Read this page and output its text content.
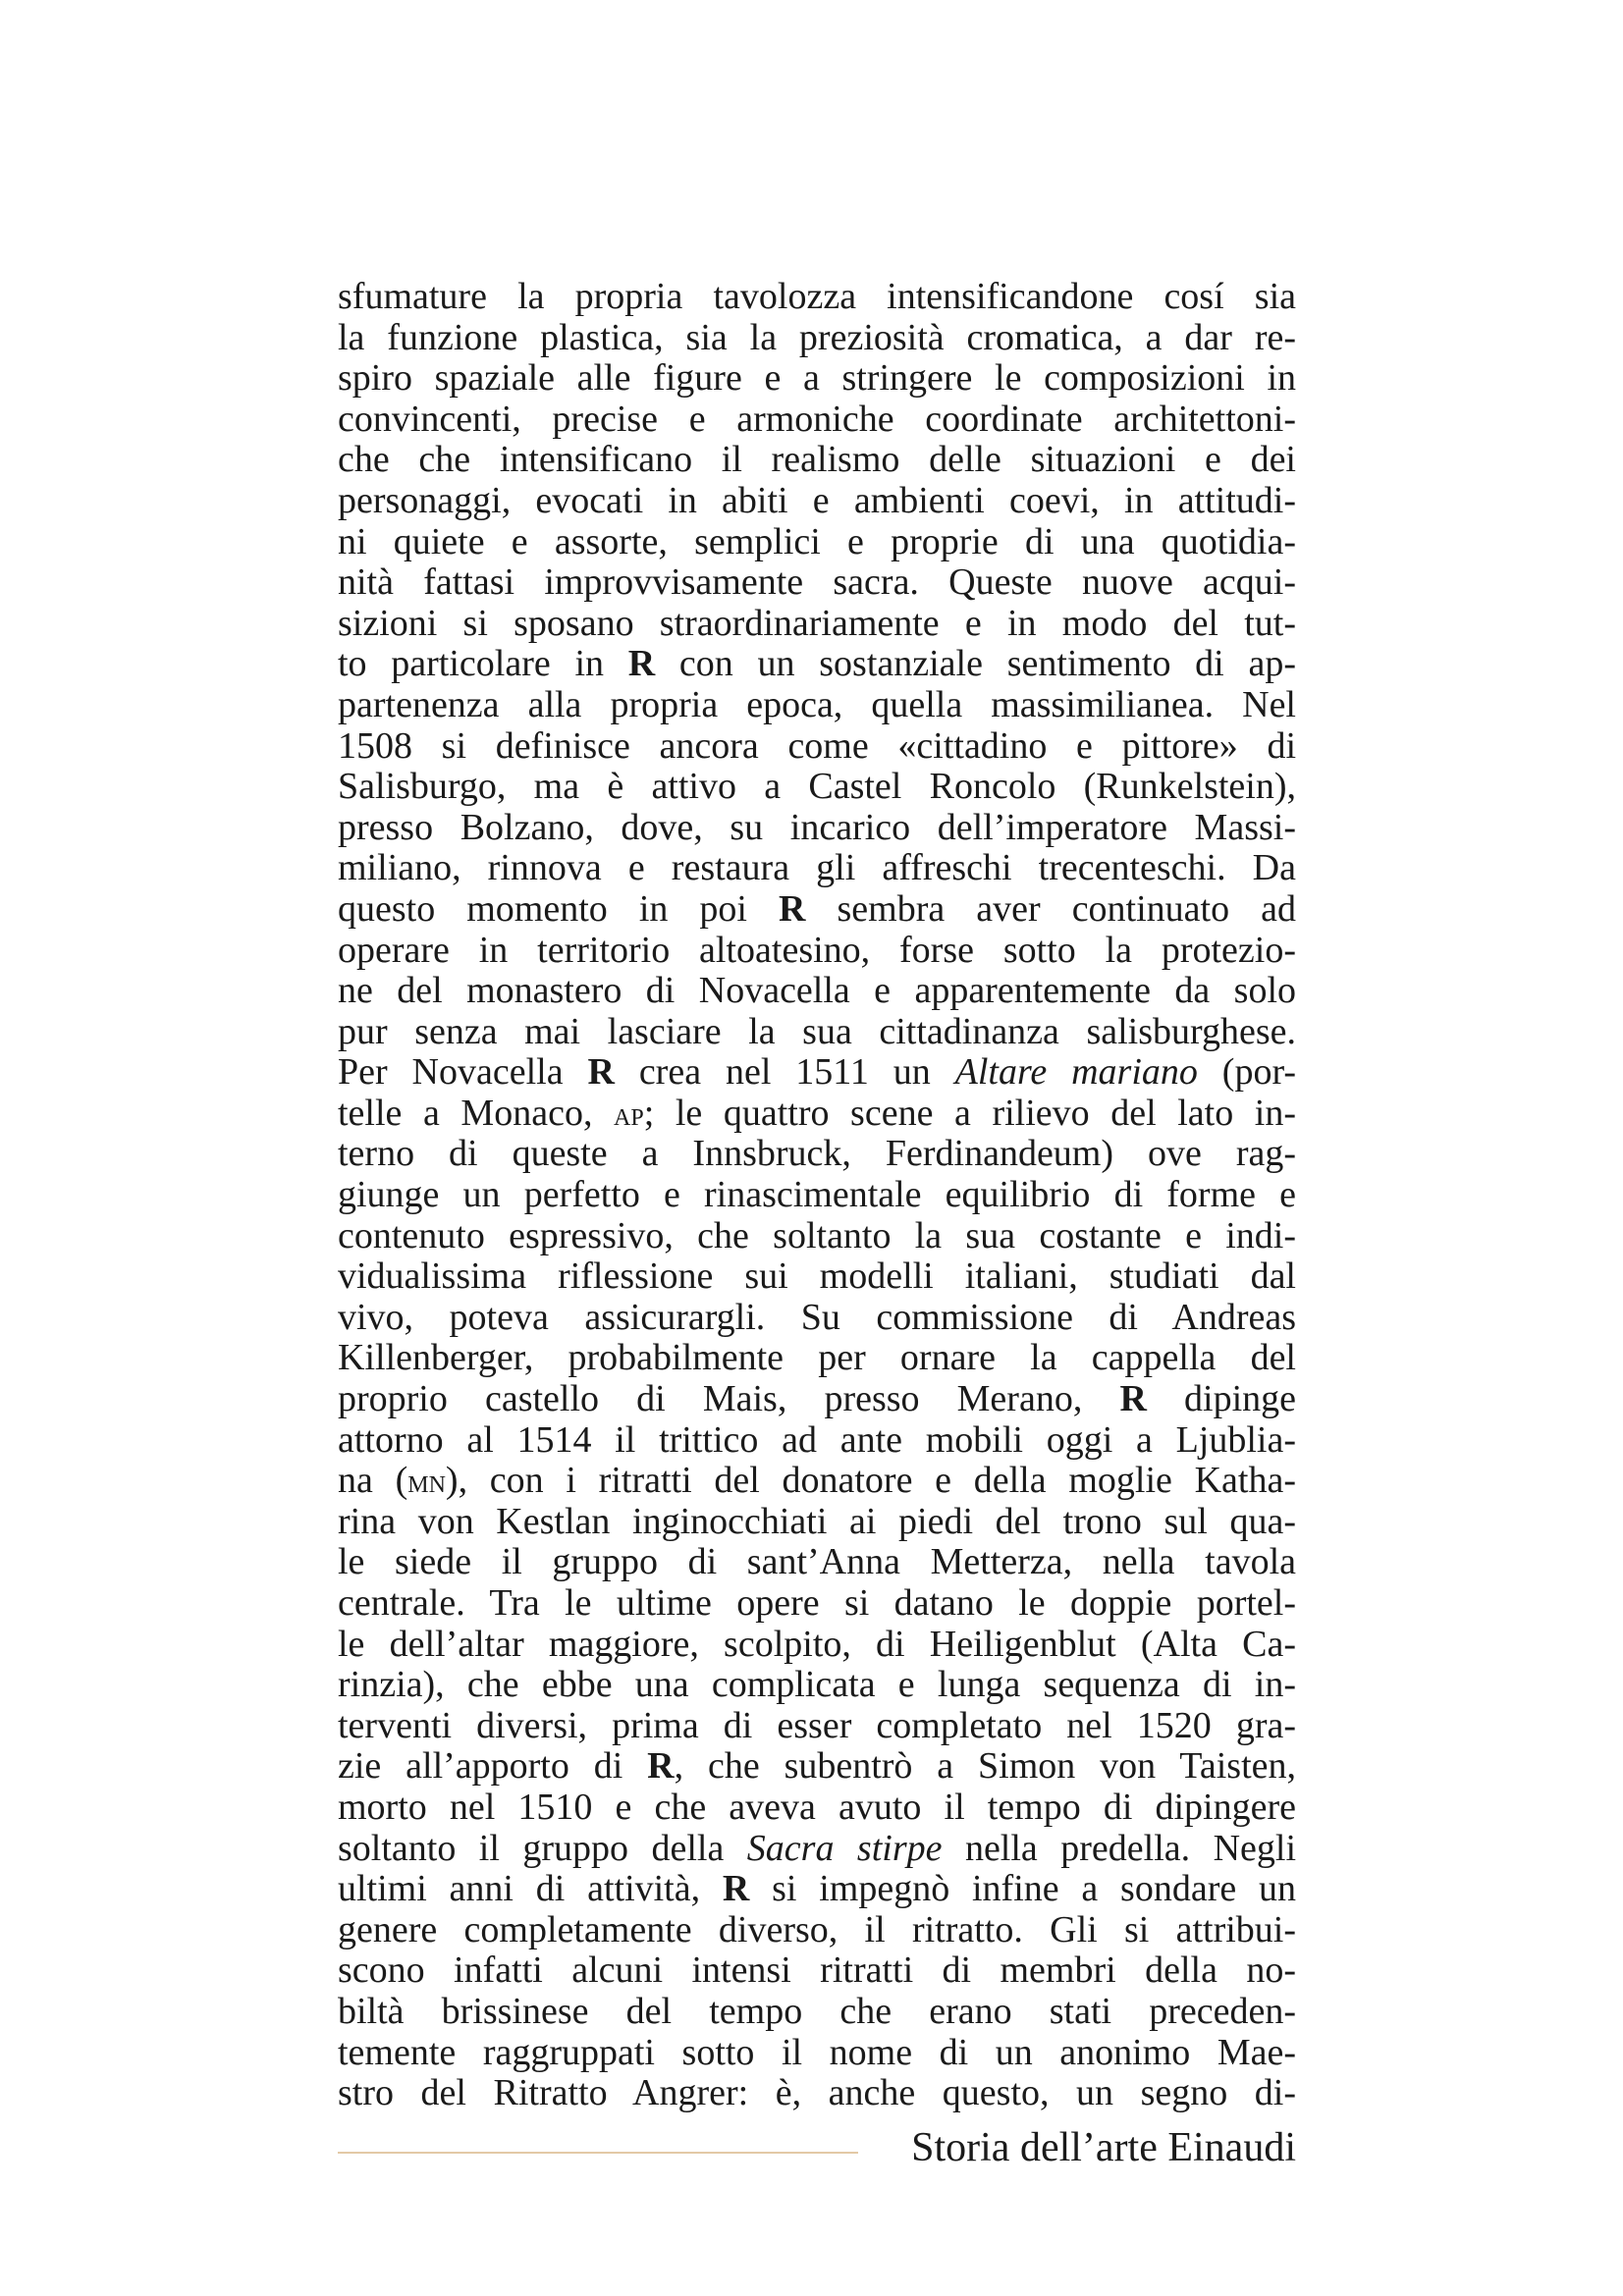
sfumature la propria tavolozza intensificandone cosí sia
la funzione plastica, sia la preziosità cromatica, a dar re-
spiro spaziale alle figure e a stringere le composizioni in
convincenti, precise e armoniche coordinate architettoni-
che che intensificano il realismo delle situazioni e dei
personaggi, evocati in abiti e ambienti coevi, in attitudi-
ni quiete e assorte, semplici e proprie di una quotidia-
nità fattasi improvvisamente sacra. Queste nuove acqui-
sizioni si sposano straordinariamente e in modo del tut-
to particolare in R con un sostanziale sentimento di ap-
partenenza alla propria epoca, quella massimilianea. Nel
1508 si definisce ancora come «cittadino e pittore» di
Salisburgo, ma è attivo a Castel Roncolo (Runkelstein),
presso Bolzano, dove, su incarico dell’imperatore Massi-
miliano, rinnova e restaura gli affreschi trecenteschi. Da
questo momento in poi R sembra aver continuato ad
operare in territorio altoatesino, forse sotto la protezio-
ne del monastero di Novacella e apparentemente da solo
pur senza mai lasciare la sua cittadinanza salisburghese.
Per Novacella R crea nel 1511 un Altare mariano (por-
telle a Monaco, ap; le quattro scene a rilievo del lato in-
terno di queste a Innsbruck, Ferdinandeum) ove rag-
giunge un perfetto e rinascimentale equilibrio di forme e
contenuto espressivo, che soltanto la sua costante e indi-
vidualissima riflessione sui modelli italiani, studiati dal
vivo, poteva assicurargli. Su commissione di Andreas
Killenberger, probabilmente per ornare la cappella del
proprio castello di Mais, presso Merano, R dipinge
attorno al 1514 il trittico ad ante mobili oggi a Ljublia-
na (mn), con i ritratti del donatore e della moglie Katha-
rina von Kestlan inginocchiati ai piedi del trono sul qua-
le siede il gruppo di sant’Anna Metterza, nella tavola
centrale. Tra le ultime opere si datano le doppie portel-
le dell’altar maggiore, scolpito, di Heiligenblut (Alta Ca-
rinzia), che ebbe una complicata e lunga sequenza di in-
terventi diversi, prima di esser completato nel 1520 gra-
zie all’apporto di R, che subentrò a Simon von Taisten,
morto nel 1510 e che aveva avuto il tempo di dipingere
soltanto il gruppo della Sacra stirpe nella predella. Negli
ultimi anni di attività, R si impegnò infine a sondare un
genere completamente diverso, il ritratto. Gli si attribui-
scono infatti alcuni intensi ritratti di membri della no-
biltà brissinese del tempo che erano stati preceden-
temente raggruppati sotto il nome di un anonimo Mae-
stro del Ritratto Angrer: è, anche questo, un segno di-
Storia dell’arte Einaudi
